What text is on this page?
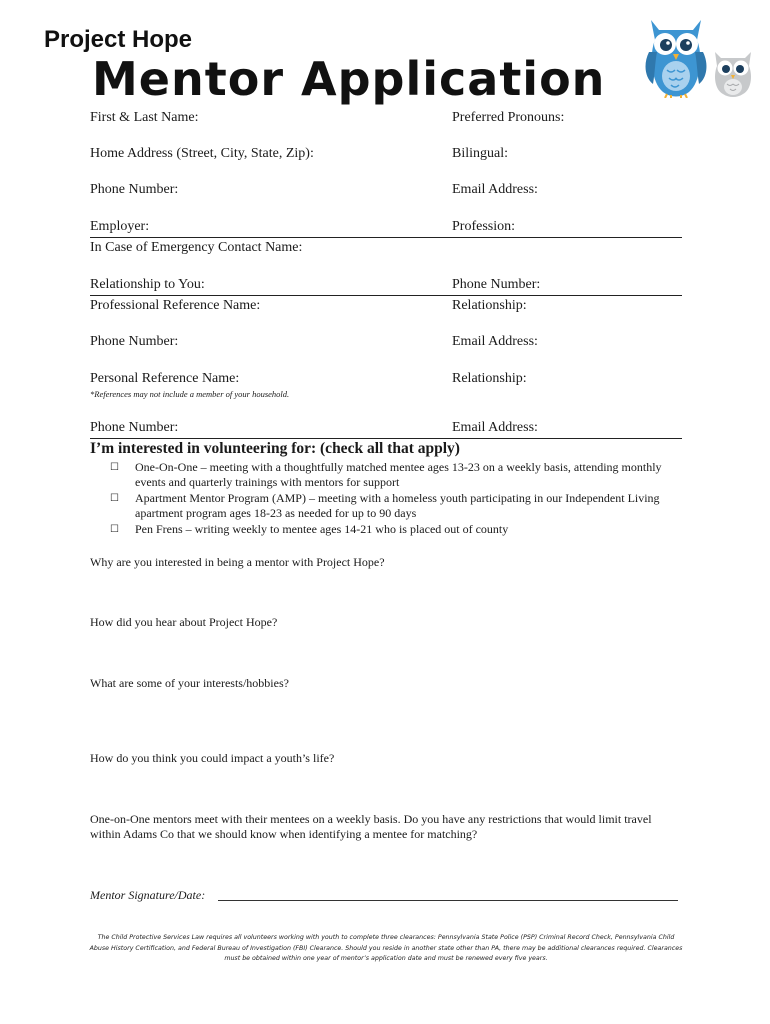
Project Hope
Mentor Application
First & Last Name:	Preferred Pronouns:
Home Address (Street, City, State, Zip):	Bilingual:
Phone Number:	Email Address:
Employer:	Profession:
In Case of Emergency Contact Name:
Relationship to You:	Phone Number:
Professional Reference Name:	Relationship:
Phone Number:	Email Address:
Personal Reference Name:	Relationship:
*References may not include a member of your household.
Phone Number:	Email Address:
I’m interested in volunteering for: (check all that apply)
☐ One-On-One – meeting with a thoughtfully matched mentee ages 13-23 on a weekly basis, attending monthly events and quarterly trainings with mentors for support
☐ Apartment Mentor Program (AMP) – meeting with a homeless youth participating in our Independent Living apartment program ages 18-23 as needed for up to 90 days
☐ Pen Frens – writing weekly to mentee ages 14-21 who is placed out of county
Why are you interested in being a mentor with Project Hope?
How did you hear about Project Hope?
What are some of your interests/hobbies?
How do you think you could impact a youth’s life?
One-on-One mentors meet with their mentees on a weekly basis. Do you have any restrictions that would limit travel within Adams Co that we should know when identifying a mentee for matching?
Mentor Signature/Date:
The Child Protective Services Law requires all volunteers working with youth to complete three clearances: Pennsylvania State Police (PSP) Criminal Record Check, Pennsylvania Child Abuse History Certification, and Federal Bureau of Investigation (FBI) Clearance. Should you reside in another state other than PA, there may be additional clearances required. Clearances must be obtained within one year of mentor’s application date and must be renewed every five years.
